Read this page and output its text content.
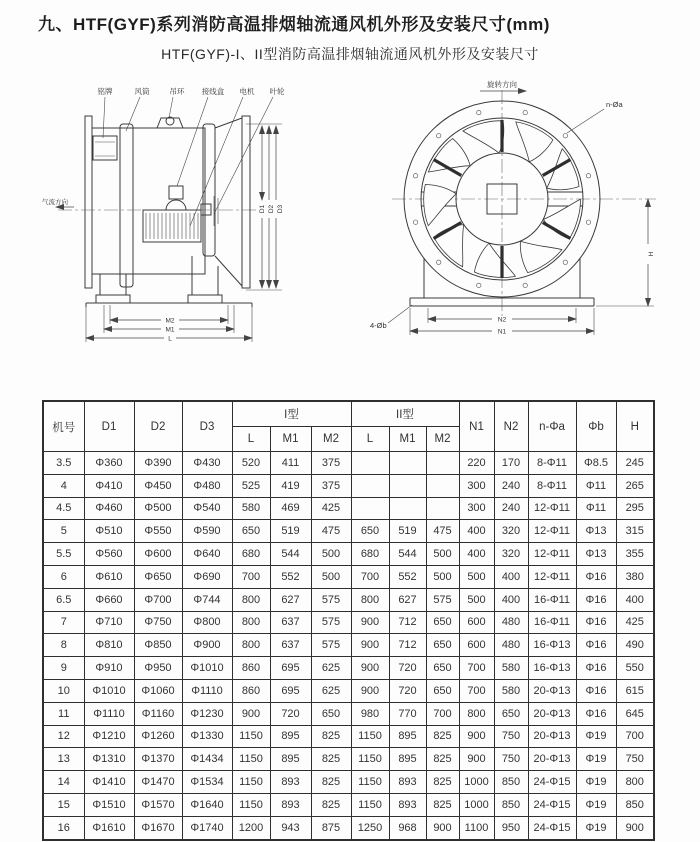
九、HTF(GYF)系列消防高温排烟轴流通风机外形及安装尺寸(mm)
HTF(GYF)-I、II型消防高温排烟轴流通风机外形及安装尺寸
铭牌	风筒	吊环 接线盒 电机 叶轮
气流方向
D1 D2 D3
M2
M1
L
旋转方向
N2
N1
H
n-Øa
4-Øb
机号	D1	D2	D3	I型			II型			N1	N2	n-Φa	Φb	H
				L	M1	M2	L	M1	M2					
3.5	Φ360	Φ390	Φ430	520	411	375				220	170	8-Φ11	Φ8.5	245
4	Φ410	Φ450	Φ480	525	419	375				300	240	8-Φ11	Φ11	265
4.5	Φ460	Φ500	Φ540	580	469	425				300	240	12-Φ11	Φ11	295
5	Φ510	Φ550	Φ590	650	519	475	650	519	475	400	320	12-Φ11	Φ13	315
5.5	Φ560	Φ600	Φ640	680	544	500	680	544	500	400	320	12-Φ11	Φ13	355
6	Φ610	Φ650	Φ690	700	552	500	700	552	500	500	400	12-Φ11	Φ16	380
6.5	Φ660	Φ700	Φ744	800	627	575	800	627	575	500	400	16-Φ11	Φ16	400
7	Φ710	Φ750	Φ800	800	637	575	900	712	650	600	480	16-Φ11	Φ16	425
8	Φ810	Φ850	Φ900	800	637	575	900	712	650	600	480	16-Φ13	Φ16	490
9	Φ910	Φ950	Φ1010	860	695	625	900	720	650	700	580	16-Φ13	Φ16	550
10	Φ1010	Φ1060	Φ1110	860	695	625	900	720	650	700	580	20-Φ13	Φ16	615
11	Φ1110	Φ1160	Φ1230	900	720	650	980	770	700	800	650	20-Φ13	Φ16	645
12	Φ1210	Φ1260	Φ1330	1150	895	825	1150	895	825	900	750	20-Φ13	Φ19	700
13	Φ1310	Φ1370	Φ1434	1150	895	825	1150	895	825	900	750	20-Φ13	Φ19	750
14	Φ1410	Φ1470	Φ1534	1150	893	825	1150	893	825	1000	850	24-Φ15	Φ19	800
15	Φ1510	Φ1570	Φ1640	1150	893	825	1150	893	825	1000	850	24-Φ15	Φ19	850
16	Φ1610	Φ1670	Φ1740	1200	943	875	1250	968	900	1100	950	24-Φ15	Φ19	900
